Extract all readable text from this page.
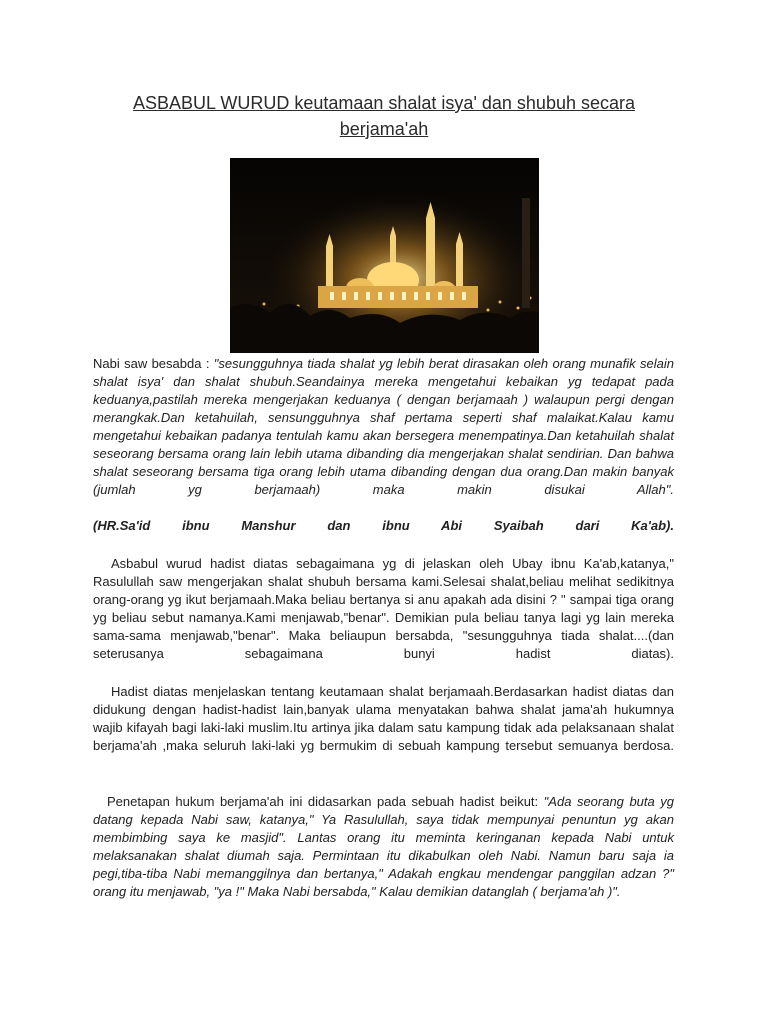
ASBABUL WURUD keutamaan shalat isya' dan shubuh secara berjama'ah

Nabi saw besabda : "sesungguhnya tiada shalat yg lebih berat dirasakan oleh orang munafik selain shalat isya' dan shalat shubuh.Seandainya mereka mengetahui kebaikan yg tedapat pada keduanya,pastilah mereka mengerjakan keduanya ( dengan berjamaah ) walaupun pergi dengan merangkak.Dan ketahuilah, sensungguhnya shaf pertama seperti shaf malaikat.Kalau kamu mengetahui kebaikan padanya tentulah kamu akan bersegera menempatinya.Dan ketahuilah shalat seseorang bersama orang lain lebih utama dibanding dia mengerjakan shalat sendirian. Dan bahwa shalat seseorang bersama tiga orang lebih utama dibanding dengan dua orang.Dan makin banyak (jumlah yg berjamaah) maka makin disukai Allah".

(HR.Sa'id ibnu Manshur dan ibnu Abi Syaibah dari Ka'ab).

Asbabul wurud hadist diatas sebagaimana yg di jelaskan oleh Ubay ibnu Ka'ab,katanya," Rasulullah saw mengerjakan shalat shubuh bersama kami.Selesai shalat,beliau melihat sedikitnya orang-orang yg ikut berjamaah.Maka beliau bertanya si anu apakah ada disini ? " sampai tiga orang yg beliau sebut namanya.Kami menjawab,"benar". Demikian pula beliau tanya lagi yg lain mereka sama-sama menjawab,"benar". Maka beliaupun bersabda, "sesungguhnya tiada shalat....(dan seterusanya sebagaimana bunyi hadist diatas).

Hadist diatas menjelaskan tentang keutamaan shalat berjamaah.Berdasarkan hadist diatas dan didukung dengan hadist-hadist lain,banyak ulama menyatakan bahwa shalat jama'ah hukumnya wajib kifayah bagi laki-laki muslim.Itu artinya jika dalam satu kampung tidak ada pelaksanaan shalat berjama'ah ,maka seluruh laki-laki yg bermukim di sebuah kampung tersebut semuanya berdosa.

Penetapan hukum berjama'ah ini didasarkan pada sebuah hadist beikut: "Ada seorang buta yg datang kepada Nabi saw, katanya," Ya Rasulullah, saya tidak mempunyai penuntun yg akan membimbing saya ke masjid". Lantas orang itu meminta keringanan kepada Nabi untuk melaksanakan shalat diumah saja. Permintaan itu dikabulkan oleh Nabi. Namun baru saja ia pegi,tiba-tiba Nabi memanggilnya dan bertanya," Adakah engkau mendengar panggilan adzan ?" orang itu menjawab, "ya !" Maka Nabi bersabda," Kalau demikian datanglah ( berjama'ah )".
